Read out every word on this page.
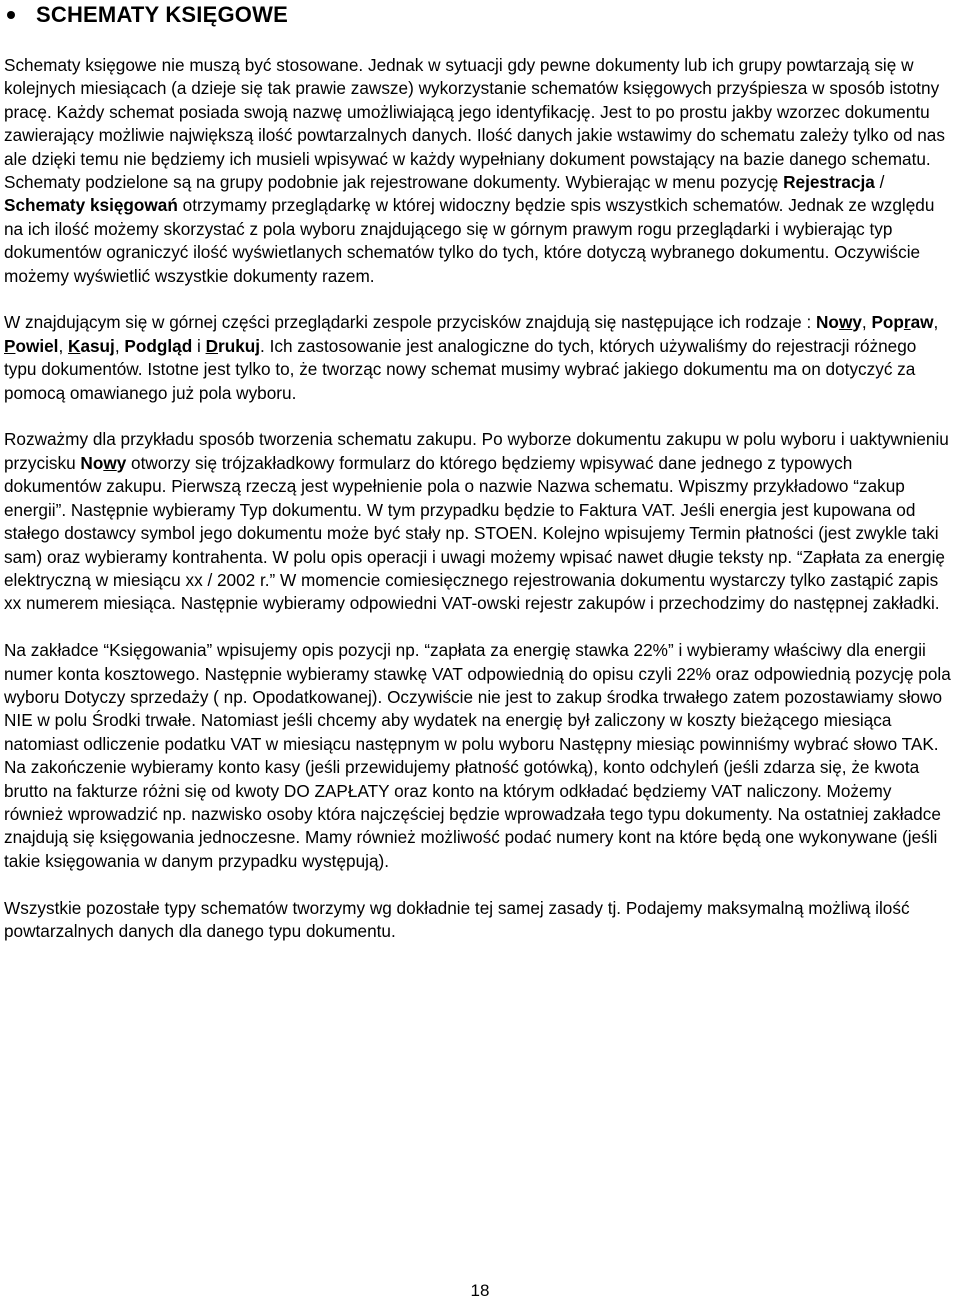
SCHEMATY KSIĘGOWE

Schematy księgowe nie muszą być stosowane. Jednak w sytuacji gdy pewne dokumenty lub ich grupy powtarzają się w kolejnych miesiącach (a dzieje się tak prawie zawsze) wykorzystanie schematów księgowych przyśpiesza w sposób istotny pracę. Każdy schemat posiada swoją nazwę umożliwiającą jego identyfikację. Jest to po prostu jakby wzorzec dokumentu zawierający możliwie największą ilość powtarzalnych danych. Ilość danych jakie wstawimy do schematu zależy tylko od nas ale dzięki temu nie będziemy ich musieli wpisywać w każdy wypełniany dokument powstający na bazie danego schematu. Schematy podzielone są na grupy podobnie jak rejestrowane dokumenty. Wybierając w menu pozycję Rejestracja / Schematy księgowań otrzymamy przeglądarkę w której widoczny będzie spis wszystkich schematów. Jednak ze względu na ich ilość możemy skorzystać z pola wyboru znajdującego się w górnym prawym rogu przeglądarki i wybierając typ dokumentów ograniczyć ilość wyświetlanych schematów tylko do tych, które dotyczą wybranego dokumentu. Oczywiście możemy wyświetlić wszystkie dokumenty razem.

W znajdującym się w górnej części przeglądarki zespole przycisków znajdują się następujące ich rodzaje : Nowy, Popraw, Powiel, Kasuj, Podgląd i Drukuj. Ich zastosowanie jest analogiczne do tych, których używaliśmy do rejestracji różnego typu dokumentów. Istotne jest tylko to, że tworząc nowy schemat musimy wybrać jakiego dokumentu ma on dotyczyć za pomocą omawianego już pola wyboru.

Rozważmy dla przykładu sposób tworzenia schematu zakupu. Po wyborze dokumentu zakupu w polu wyboru i uaktywnieniu przycisku Nowy otworzy się trójzakładkowy formularz do którego będziemy wpisywać dane jednego z typowych dokumentów zakupu. Pierwszą rzeczą jest wypełnienie pola o nazwie Nazwa schematu. Wpiszmy przykładowo “zakup energii”. Następnie wybieramy Typ dokumentu. W tym przypadku będzie to Faktura VAT. Jeśli energia jest kupowana od stałego dostawcy symbol jego dokumentu może być stały np. STOEN. Kolejno wpisujemy Termin płatności (jest zwykle taki sam) oraz wybieramy kontrahenta. W polu opis operacji i uwagi możemy wpisać nawet długie teksty np. “Zapłata za energię elektryczną w miesiącu xx / 2002 r.” W momencie comiesięcznego rejestrowania dokumentu wystarczy tylko zastąpić zapis xx numerem miesiąca. Następnie wybieramy odpowiedni VAT-owski rejestr zakupów i przechodzimy do następnej zakładki.

Na zakładce “Księgowania” wpisujemy opis pozycji np. “zapłata za energię stawka 22%” i wybieramy właściwy dla energii numer konta kosztowego. Następnie wybieramy stawkę VAT odpowiednią do opisu czyli 22% oraz odpowiednią pozycję pola wyboru Dotyczy sprzedaży ( np. Opodatkowanej). Oczywiście nie jest to zakup środka trwałego zatem pozostawiamy słowo NIE w polu Środki trwałe. Natomiast jeśli chcemy aby wydatek na energię był zaliczony w koszty bieżącego miesiąca natomiast odliczenie podatku VAT w miesiącu następnym w polu wyboru Następny miesiąc powinniśmy wybrać słowo TAK. Na zakończenie wybieramy konto kasy (jeśli przewidujemy płatność gotówką), konto odchyleń (jeśli zdarza się, że kwota brutto na fakturze różni się od kwoty DO ZAPŁATY oraz konto na którym odkładać będziemy VAT naliczony. Możemy również wprowadzić np. nazwisko osoby która najczęściej będzie wprowadzała tego typu dokumenty. Na ostatniej zakładce znajdują się księgowania jednoczesne. Mamy również możliwość podać numery kont na które będą one wykonywane (jeśli takie księgowania w danym przypadku występują).

Wszystkie pozostałe typy schematów tworzymy wg dokładnie tej samej zasady tj. Podajemy maksymalną możliwą ilość powtarzalnych danych dla danego typu dokumentu.

18
